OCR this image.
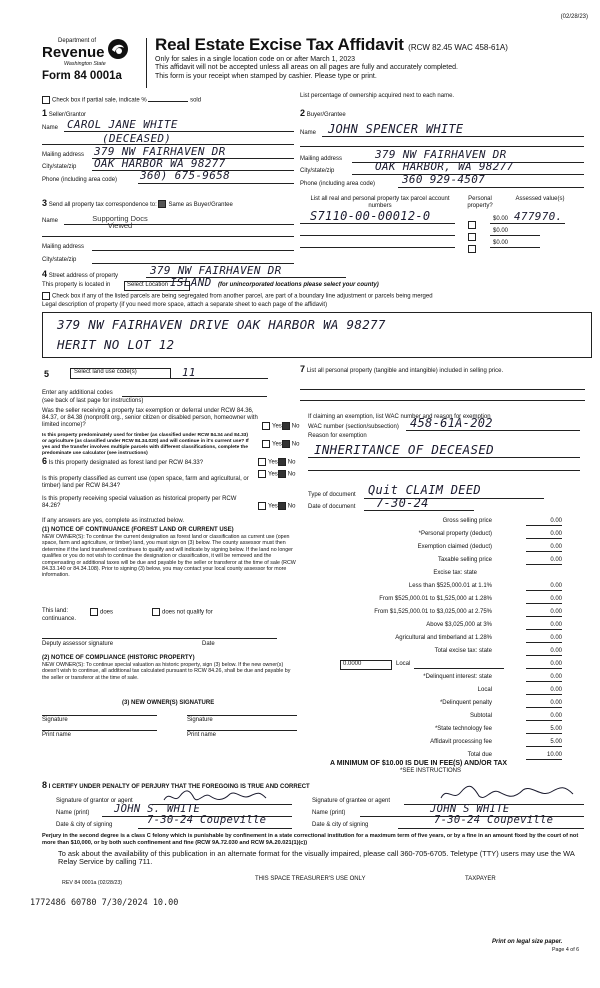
(02/28/23)
Department of
Revenue
Washington State
Form 84 0001a
Real Estate Excise Tax Affidavit (RCW 82.45 WAC 458-61A)
Only for sales in a single location code on or after March 1, 2023
This affidavit will not be accepted unless all areas on all pages are fully and accurately completed.
This form is your receipt when stamped by cashier. Please type or print.
Check box if partial sale, indicate %	sold
List percentage of ownership acquired next to each name.
1 Seller/Grantor
Name CAROL JANE WHITE
(DECEASED)
Mailing address 379 NW FAIRHAVEN DR
City/state/zip OAK HARBOR WA 98277
Phone (including area code) 360) 675-9658
2 Buyer/Grantee
Name JOHN SPENCER WHITE
Mailing address	379 NW FAIRHAVEN DR
City/state/zip	OAK HARBOR, WA 98277
Phone (including area code) 360 929-4507
3 Send all property tax correspondence to: Same as Buyer/Grantee
Name	Supporting Docs Viewed
Mailing address
City/state/zip
List all real and personal property tax parcel account numbers
Personal property?
Assessed value(s)
S7110-00-00012-0	$0.00 477970.
$0.00
$0.00
4 Street address of property	379 NW FAIRHAVEN DR
This property is located in	Select Location ISLAND (for unincorporated locations please select your county)
Check box if any of the listed parcels are being segregated from another parcel, are part of a boundary line adjustment or parcels being merged
Legal description of property (if you need more space, attach a separate sheet to each page of the affidavit)
379 NW FAIRHAVEN DRIVE OAK HARBOR WA 98277
HERIT NO LOT 12
5	Select land use code(s)	11
Enter any additional codes
(see back of last page for instructions)
Was the seller receiving a property tax exemption or deferral under RCW 84.36, 84.37, or 84.38 (nonprofit org., senior citizen or disabled person, homeowner with limited income)?	Yes No
Is this property predominately used for timber (as classified under RCW 84.34 and 84.33) or agriculture (as classified under RCW 84.34.020) and will continue in it's current use? If yes and the transfer involves multiple parcels with different classifications, complete the predominate use calculator (see instructions)
Yes No
6 Is this property designated as forest land per RCW 84.33?
Is this property classified as current use (open space, farm and agricultural, or timber) land per RCW 84.34?
Is this property receiving special valuation as historical property per RCW 84.26?
If any answers are yes, complete as instructed below.
(1) NOTICE OF CONTINUANCE (FOREST LAND OR CURRENT USE)
NEW OWNER(S): To continue the current designation as forest land or classification as current use (open space, farm and agriculture, or timber) land, you must sign on (3) below. The county assessor must then determine if the land transferred continues to qualify and will indicate by signing below. If the land no longer qualifies or you do not wish to continue the designation or classification, it will be removed and the compensating or additional taxes will be due and payable by the seller or transferor at the time of sale (RCW 84.33.140 or 84.34.108). Prior to signing (3) below, you may contact your local county assessor for more information.
This land:
continuance.
does	does not qualify for
Deputy assessor signature	Date
(2) NOTICE OF COMPLIANCE (HISTORIC PROPERTY)
NEW OWNER(S): To continue special valuation as historic property, sign (3) below. If the new owner(s) doesn't wish to continue, all additional tax calculated pursuant to RCW 84.26, shall be due and payable by the seller or transferor at the time of sale.
(3) NEW OWNER(S) SIGNATURE
Signature	Signature
Print name	Print name
Yes No
Yes No
Yes No
7 List all personal property (tangible and intangible) included in selling price.
If claiming an exemption, list WAC number and reason for exemption
WAC number (section/subsection) 458-61A-202
Reason for exemption
INHERITANCE OF DECEASED
Type of document Quit CLAIM DEED
Date of document 7-30-24
Gross selling price	0.00
*Personal property (deduct)	0.00
Exemption claimed (deduct)	0.00
Taxable selling price	0.00
Excise tax: state
Less than $525,000.01 at 1.1%	0.00
From $525,000.01 to $1,525,000 at 1.28%	0.00
From $1,525,000.01 to $3,025,000 at 2.75%	0.00
Above $3,025,000 at 3%	0.00
Agricultural and timberland at 1.28%	0.00
Total excise tax: state	0.00
0.0000	Local	0.00
*Delinquent interest: state	0.00
Local	0.00
*Delinquent penalty	0.00
Subtotal	0.00
*State technology fee	5.00
Affidavit processing fee	5.00
Total due	10.00
A MINIMUM OF $10.00 IS DUE IN FEE(S) AND/OR TAX
*SEE INSTRUCTIONS
8 I CERTIFY UNDER PENALTY OF PERJURY THAT THE FOREGOING IS TRUE AND CORRECT
Signature of grantor or agent
Name (print) JOHN S. WHITE
Date & city of signing	7-30-24 Coupeville
Signature of grantee or agent
Name (print)	JOHN S WHITE
Date & city of signing	7-30-24 Coupeville
Perjury in the second degree is a class C felony which is punishable by confinement in a state correctional institution for a maximum term of five years, or by a fine in an amount fixed by the court of not more than $10,000, or by both such confinement and fine (RCW 9A.72.030 and RCW 9A.20.021(1)(c))
To ask about the availability of this publication in an alternate format for the visually impaired, please call 360-705-6705. Teletype (TTY) users may use the WA Relay Service by calling 711.
REV 84 0001a (02/28/23)
THIS SPACE TREASURER'S USE ONLY	TAXPAYER
1772486 60780 7/30/2024 10.00
Print on legal size paper.
Page 4 of 6
